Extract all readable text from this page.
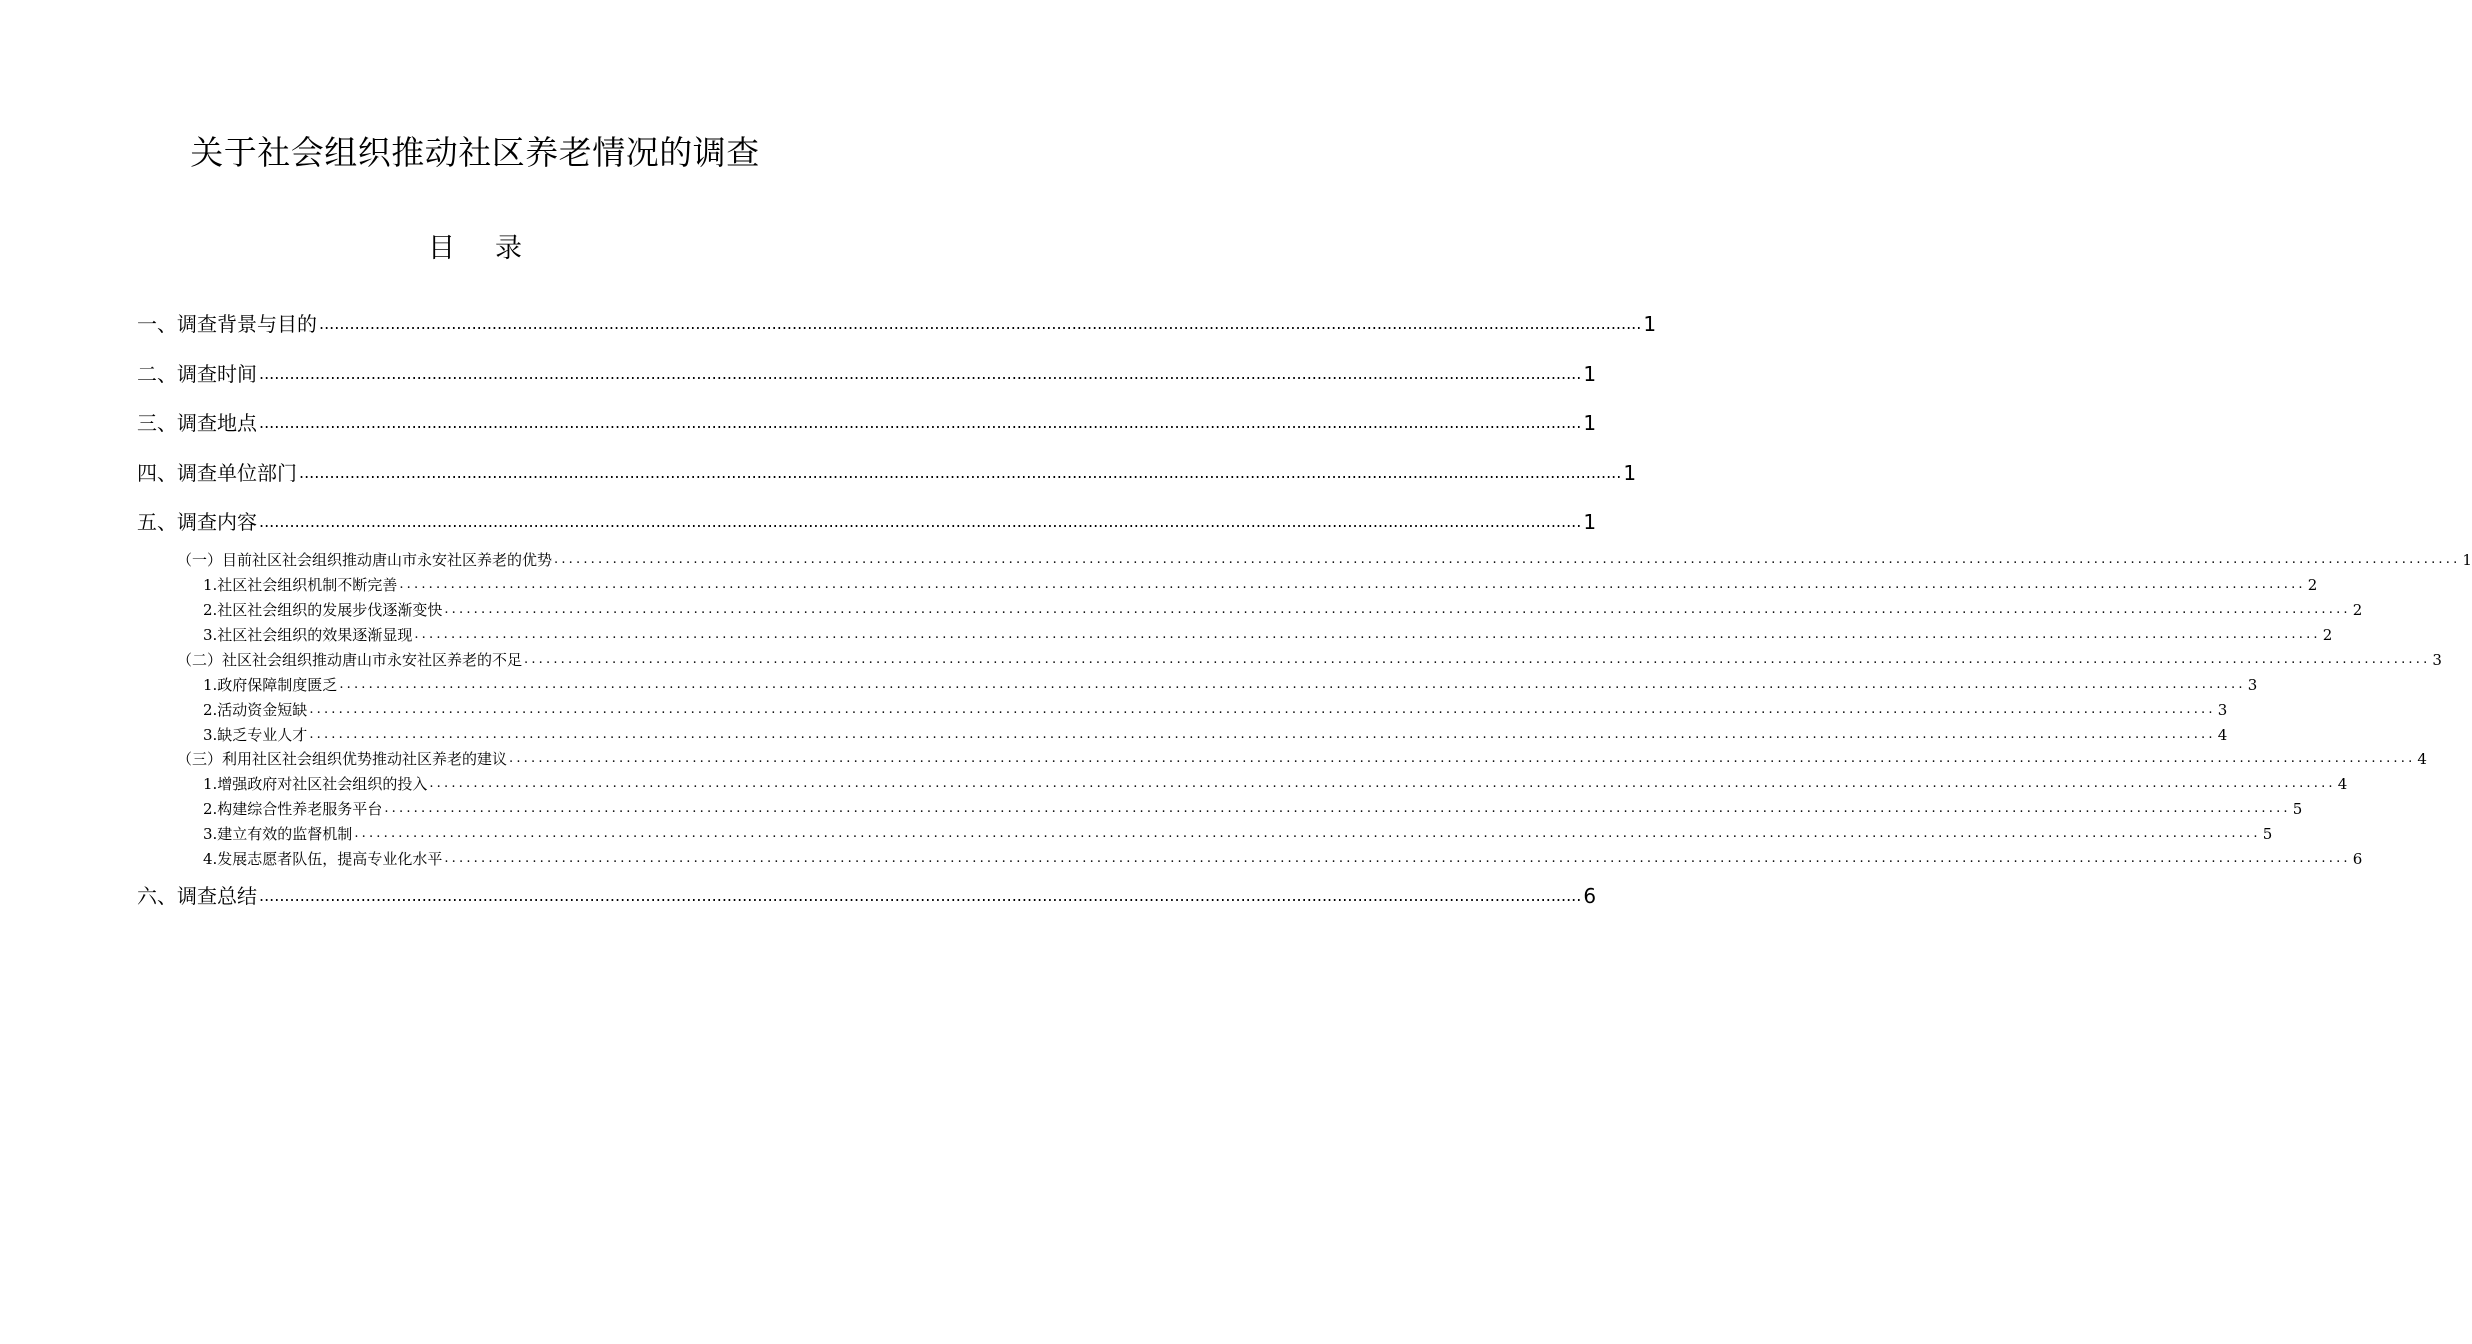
关于社会组织推动社区养老情况的调查
目 录
一、调查背景与目的 .................................................................................................................................................................................................................................................................... 1
二、调查时间 .................................................................................................................................................................................................................................................................... 1
三、调查地点 .................................................................................................................................................................................................................................................................... 1
四、调查单位部门 .................................................................................................................................................................................................................................................................... 1
五、调查内容 .................................................................................................................................................................................................................................................................... 1
（一）目前社区社会组织推动唐山市永安社区养老的优势 .................................................................................................................................................................................................................................................................... 1
1.社区社会组织机制不断完善 .................................................................................................................................................................................................................................................................... 2
2.社区社会组织的发展步伐逐渐变快 .................................................................................................................................................................................................................................................................... 2
3.社区社会组织的效果逐渐显现 .................................................................................................................................................................................................................................................................... 2
（二）社区社会组织推动唐山市永安社区养老的不足 .................................................................................................................................................................................................................................................................... 3
1.政府保障制度匮乏 .................................................................................................................................................................................................................................................................... 3
2.活动资金短缺 .................................................................................................................................................................................................................................................................... 3
3.缺乏专业人才 .................................................................................................................................................................................................................................................................... 4
（三）利用社区社会组织优势推动社区养老的建议 .................................................................................................................................................................................................................................................................... 4
1.增强政府对社区社会组织的投入 .................................................................................................................................................................................................................................................................... 4
2.构建综合性养老服务平台 .................................................................................................................................................................................................................................................................... 5
3.建立有效的监督机制 .................................................................................................................................................................................................................................................................... 5
4.发展志愿者队伍，提高专业化水平 .................................................................................................................................................................................................................................................................... 6
六、调查总结 .................................................................................................................................................................................................................................................................... 6
